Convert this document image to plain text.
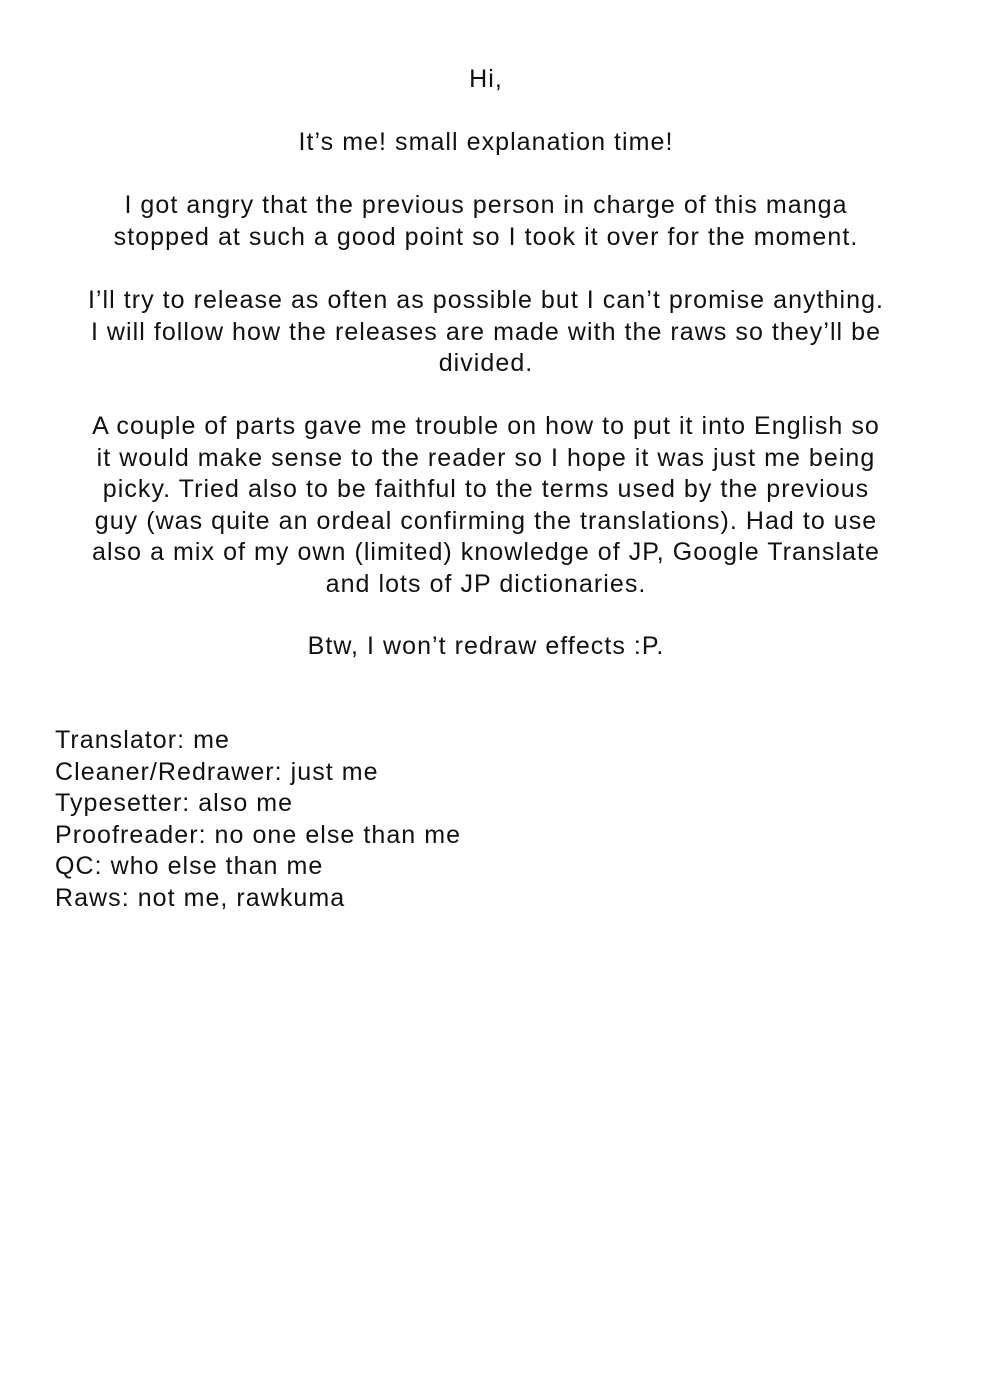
Hi,

It’s me! small explanation time!

I got angry that the previous person in charge of this manga
stopped at such a good point so I took it over for the moment.

I’ll try to release as often as possible but I can’t promise anything.
I will follow how the releases are made with the raws so they’ll be
divided.

A couple of parts gave me trouble on how to put it into English so
it would make sense to the reader so I hope it was just me being
picky. Tried also to be faithful to the terms used by the previous
guy (was quite an ordeal confirming the translations). Had to use
also a mix of my own (limited) knowledge of JP, Google Translate
and lots of JP dictionaries.

Btw, I won’t redraw effects :P.

Translator: me
Cleaner/Redrawer: just me
Typesetter: also me
Proofreader: no one else than me
QC: who else than me
Raws: not me, rawkuma
